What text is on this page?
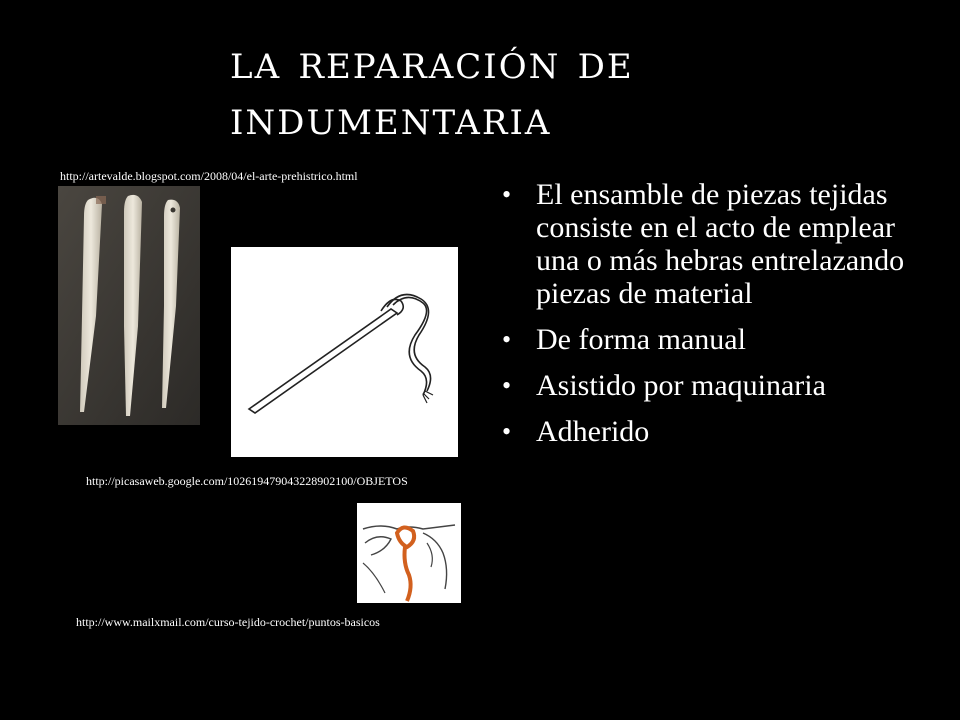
la reparación de indumentaria
http://artevalde.blogspot.com/2008/04/el-arte-prehistrico.html
http://picasaweb.google.com/102619479043228902100/OBJETOS
http://www.mailxmail.com/curso-tejido-crochet/puntos-basicos
• El ensamble de piezas tejidas consiste en el acto de emplear una o más hebras entrelazando piezas de material
• De forma manual
• Asistido por maquinaria
• Adherido
